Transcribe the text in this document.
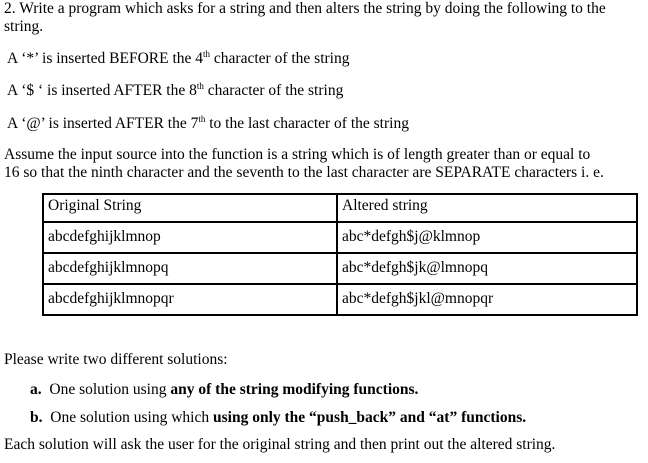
2. Write a program which asks for a string and then alters the string by doing the following to the
string.
A ‘*’ is inserted BEFORE the 4th character of the string
A ‘$ ‘ is inserted AFTER the 8th character of the string
A ‘@’ is inserted AFTER the 7th to the last character of the string
Assume the input source into the function is a string which is of length greater than or equal to
16 so that the ninth character and the seventh to the last character are SEPARATE characters i. e.
Original String	Altered string
abcdefghijklmnop	abc*defgh$j@klmnop
abcdefghijklmnopq	abc*defgh$jk@lmnopq
abcdefghijklmnopqr	abc*defgh$jkl@mnopqr
Please write two different solutions:
a. One solution using any of the string modifying functions.
b. One solution using which using only the “push_back” and “at” functions.
Each solution will ask the user for the original string and then print out the altered string.
